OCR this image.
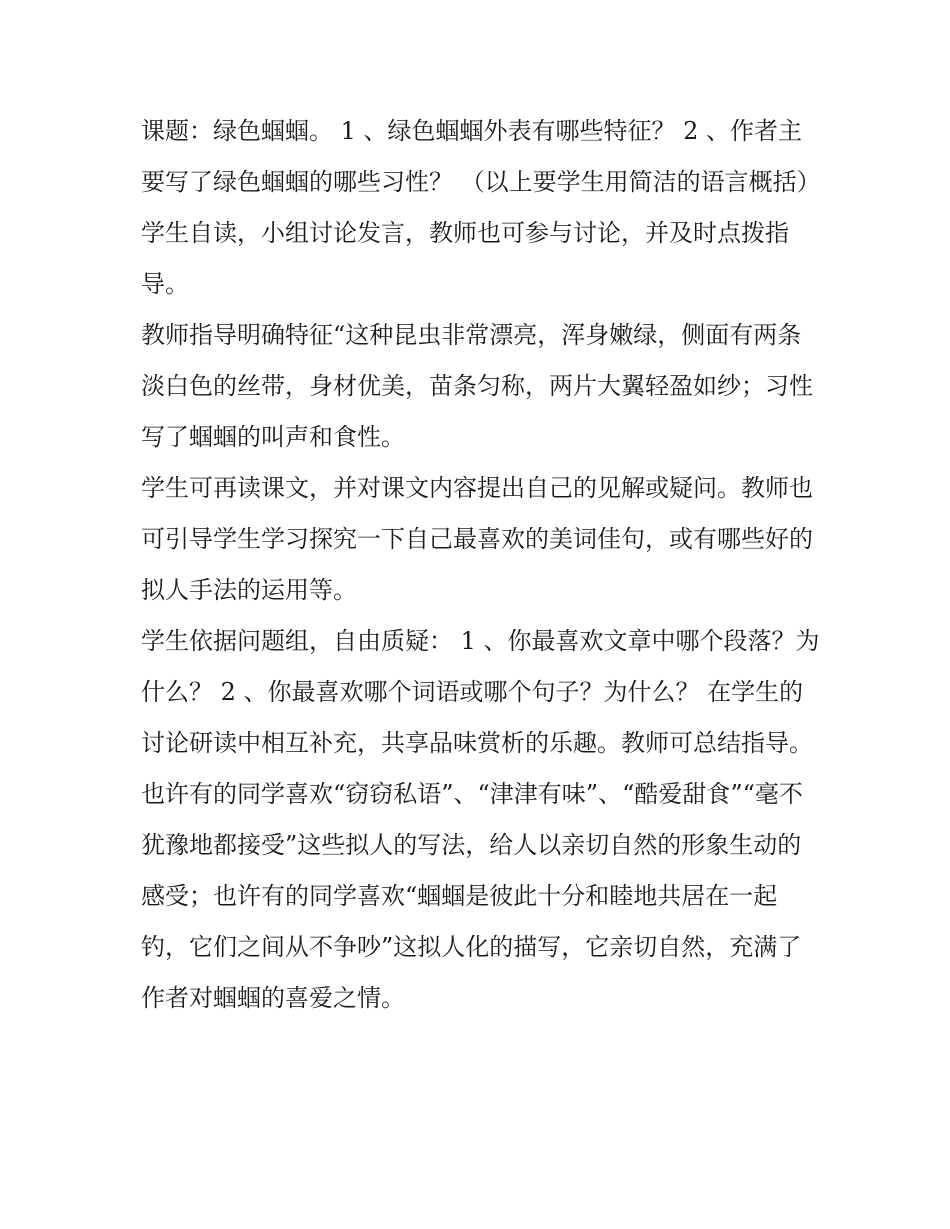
课题：绿色蝈蝈。 1 、绿色蝈蝈外表有哪些特征？ 2 、作者主要写了绿色蝈蝈的哪些习性？ （以上要学生用简洁的语言概括）

学生自读，小组讨论发言，教师也可参与讨论，并及时点拨指导。

教师指导明确特征“这种昆虫非常漂亮，浑身嫩绿，侧面有两条淡白色的丝带，身材优美，苗条匀称，两片大翼轻盈如纱；习性写了蝈蝈的叫声和食性。

学生可再读课文，并对课文内容提出自己的见解或疑问。教师也可引导学生学习探究一下自己最喜欢的美词佳句，或有哪些好的拟人手法的运用等。

学生依据问题组，自由质疑： 1 、你最喜欢文章中哪个段落？为什么？ 2 、你最喜欢哪个词语或哪个句子？为什么？ 在学生的讨论研读中相互补充，共享品味赏析的乐趣。教师可总结指导。

也许有的同学喜欢“窃窃私语”、“津津有味”、“酷爱甜食”“毫不犹豫地都接受”这些拟人的写法，给人以亲切自然的形象生动的感受；也许有的同学喜欢“蝈蝈是彼此十分和睦地共居在一起钓，它们之间从不争吵”这拟人化的描写，它亲切自然，充满了作者对蝈蝈的喜爱之情。
